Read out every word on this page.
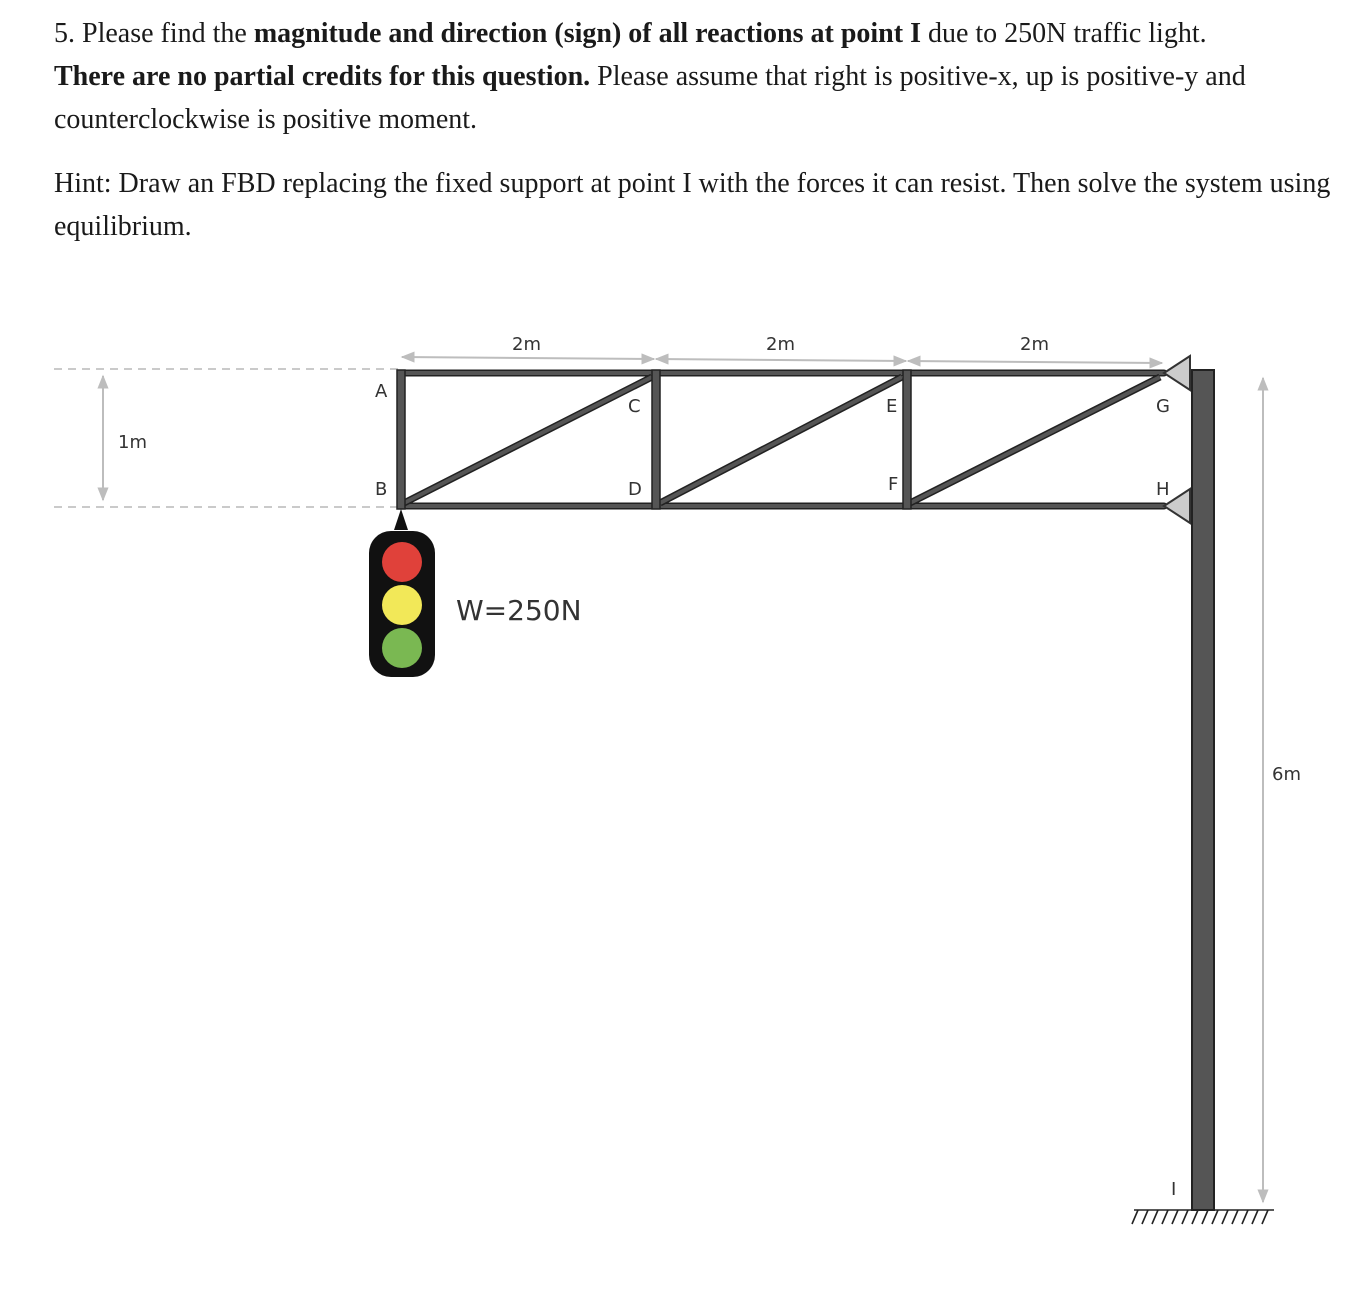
5. Please find the magnitude and direction (sign) of all reactions at point I due to 250N traffic light.
There are no partial credits for this question. Please assume that right is positive-x, up is positive-y and counterclockwise is positive moment.

Hint: Draw an FBD replacing the fixed support at point I with the forces it can resist. Then solve the system using equilibrium.

1m
2m	2m	2m
6m
A
B
C
D
E
F
G
H
I
W=250N
